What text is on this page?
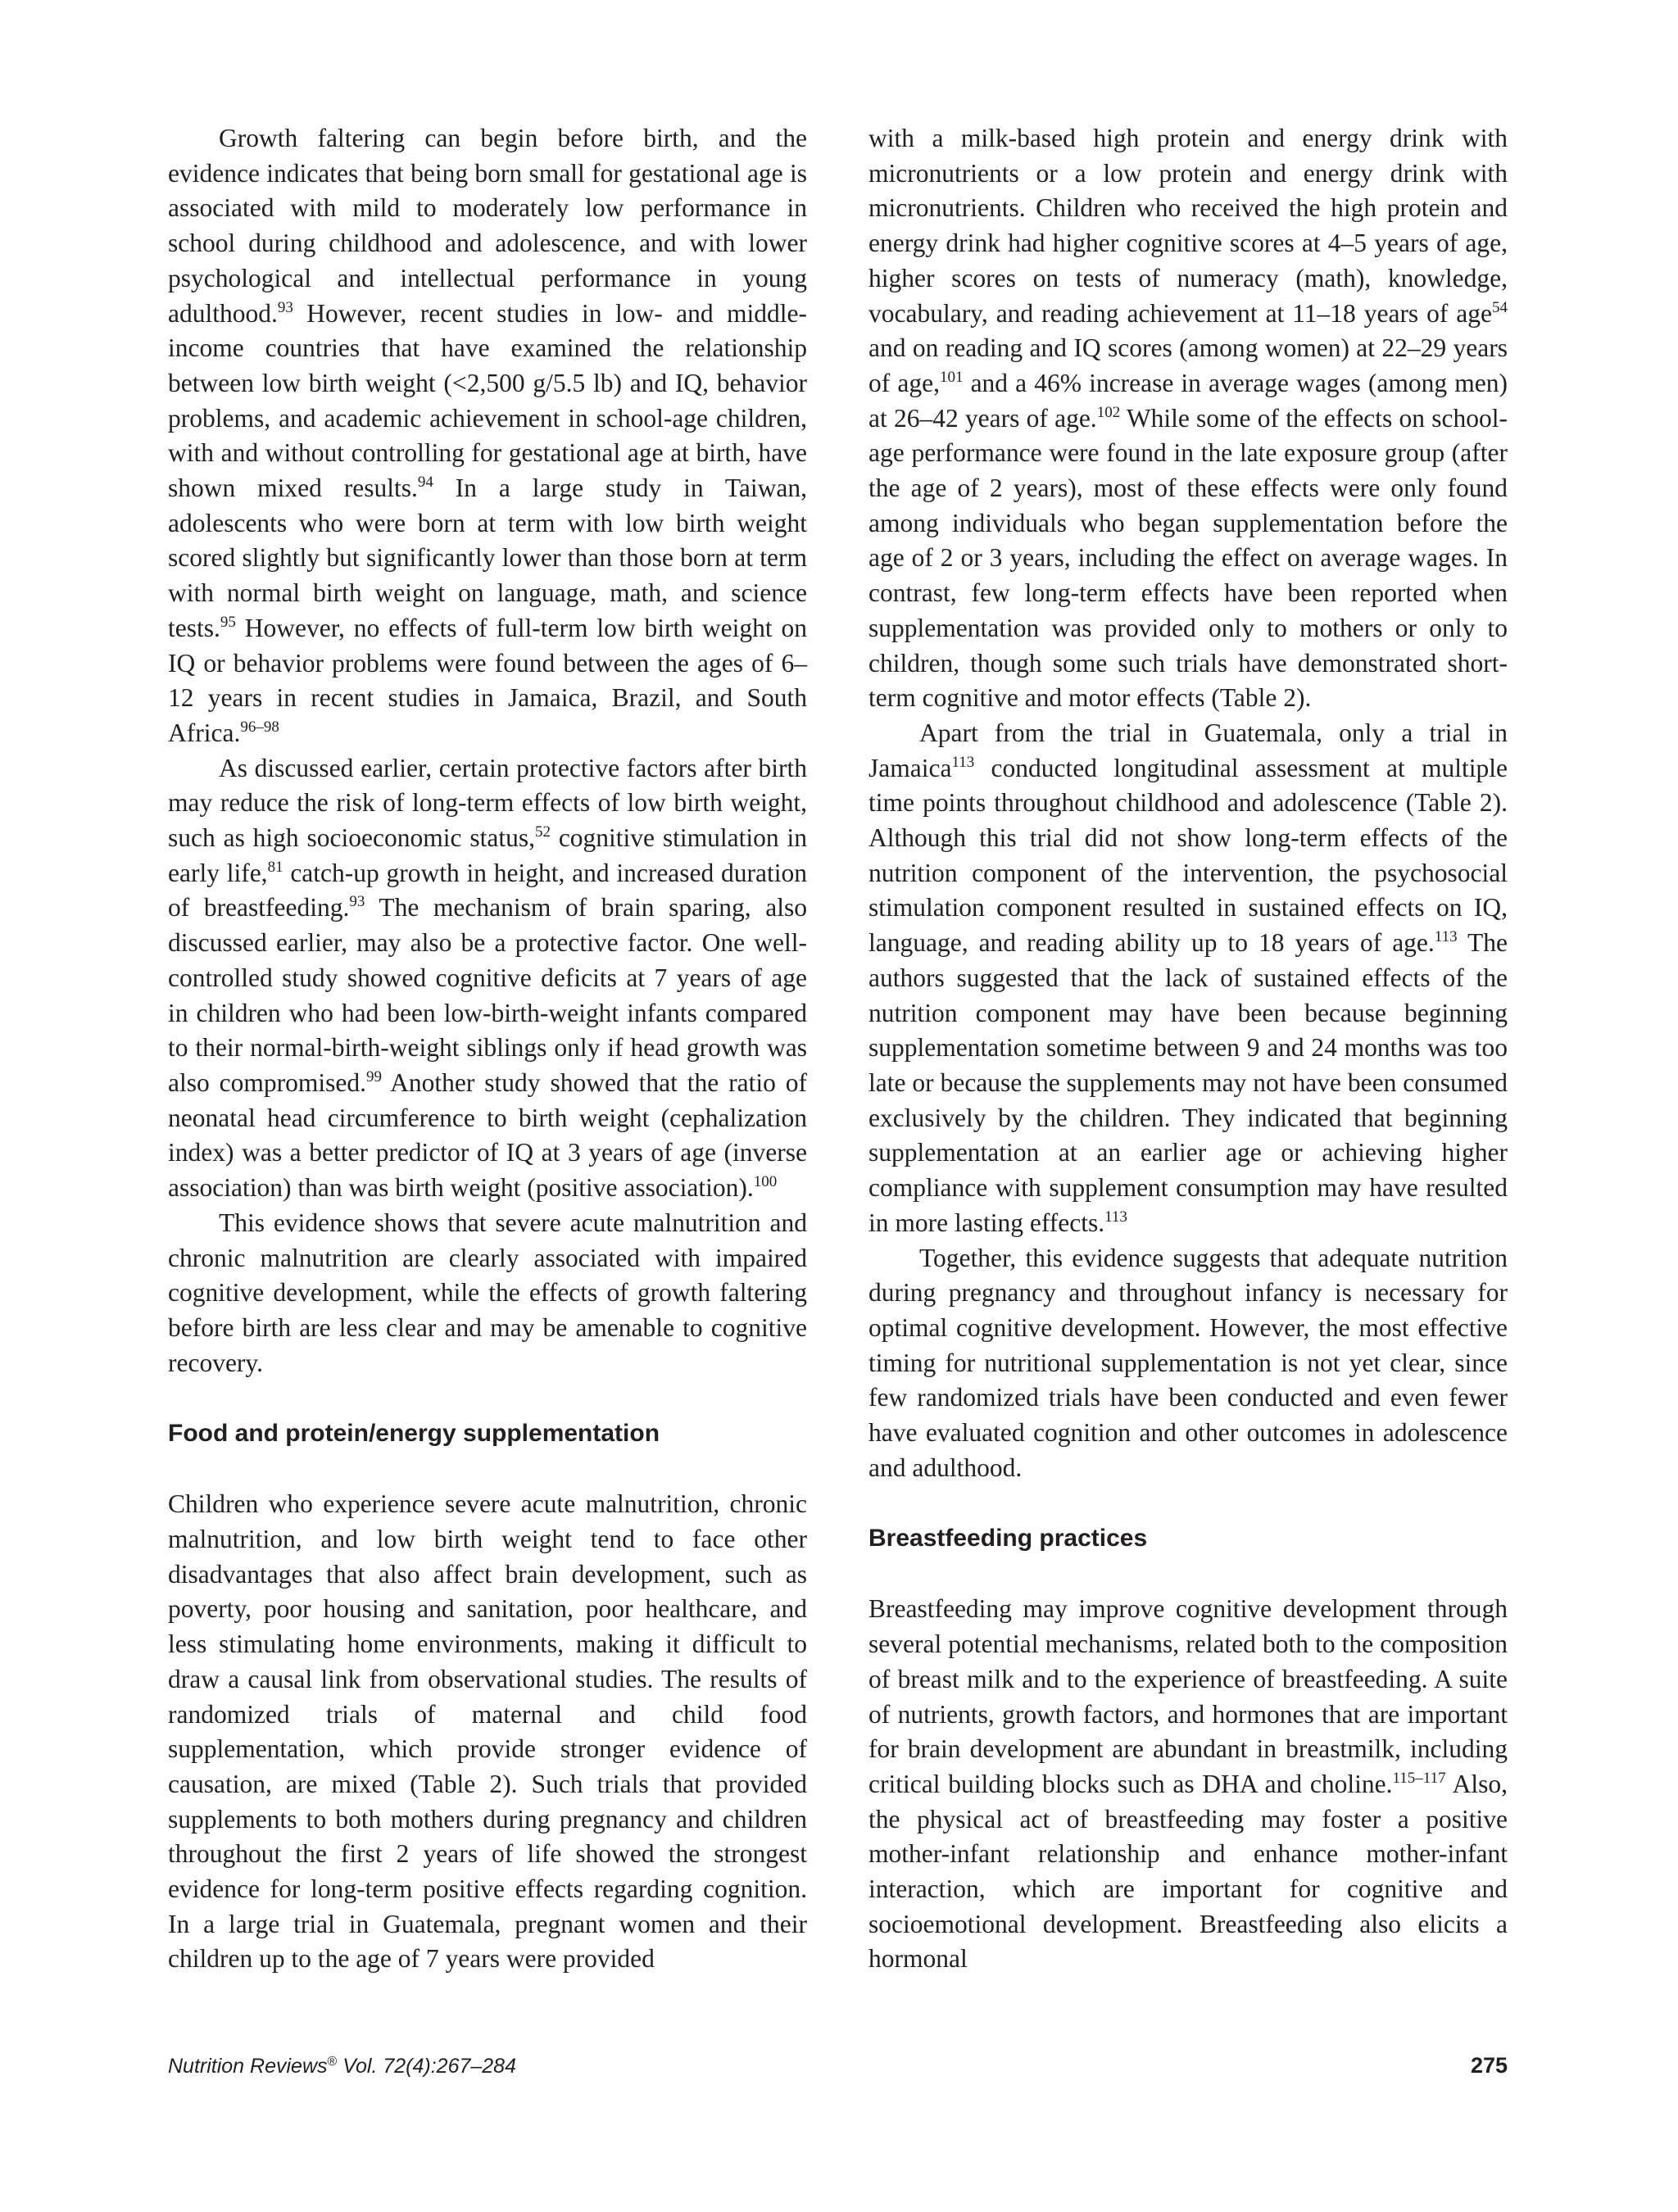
Growth faltering can begin before birth, and the evidence indicates that being born small for gestational age is associated with mild to moderately low performance in school during childhood and adolescence, and with lower psychological and intellectual performance in young adulthood.$^{93}$ However, recent studies in low- and middle-income countries that have examined the relationship between low birth weight (<2,500 g/5.5 lb) and IQ, behavior problems, and academic achievement in school-age children, with and without controlling for gestational age at birth, have shown mixed results.$^{94}$ In a large study in Taiwan, adolescents who were born at term with low birth weight scored slightly but significantly lower than those born at term with normal birth weight on language, math, and science tests.$^{95}$ However, no effects of full-term low birth weight on IQ or behavior problems were found between the ages of 6–12 years in recent studies in Jamaica, Brazil, and South Africa.$^{96-98}$

As discussed earlier, certain protective factors after birth may reduce the risk of long-term effects of low birth weight, such as high socioeconomic status,$^{52}$ cognitive stimulation in early life,$^{81}$ catch-up growth in height, and increased duration of breastfeeding.$^{93}$ The mechanism of brain sparing, also discussed earlier, may also be a protective factor. One well-controlled study showed cognitive deficits at 7 years of age in children who had been low-birth-weight infants compared to their normal-birth-weight siblings only if head growth was also compromised.$^{99}$ Another study showed that the ratio of neonatal head circumference to birth weight (cephalization index) was a better predictor of IQ at 3 years of age (inverse association) than was birth weight (positive association).$^{100}$

This evidence shows that severe acute malnutrition and chronic malnutrition are clearly associated with impaired cognitive development, while the effects of growth faltering before birth are less clear and may be amenable to cognitive recovery.

Food and protein/energy supplementation

Children who experience severe acute malnutrition, chronic malnutrition, and low birth weight tend to face other disadvantages that also affect brain development, such as poverty, poor housing and sanitation, poor healthcare, and less stimulating home environments, making it difficult to draw a causal link from observational studies. The results of randomized trials of maternal and child food supplementation, which provide stronger evidence of causation, are mixed (Table 2). Such trials that provided supplements to both mothers during pregnancy and children throughout the first 2 years of life showed the strongest evidence for long-term positive effects regarding cognition. In a large trial in Guatemala, pregnant women and their children up to the age of 7 years were provided

with a milk-based high protein and energy drink with micronutrients or a low protein and energy drink with micronutrients. Children who received the high protein and energy drink had higher cognitive scores at 4–5 years of age, higher scores on tests of numeracy (math), knowledge, vocabulary, and reading achievement at 11–18 years of age$^{54}$ and on reading and IQ scores (among women) at 22–29 years of age,$^{101}$ and a 46% increase in average wages (among men) at 26–42 years of age.$^{102}$ While some of the effects on school-age performance were found in the late exposure group (after the age of 2 years), most of these effects were only found among individuals who began supplementation before the age of 2 or 3 years, including the effect on average wages. In contrast, few long-term effects have been reported when supplementation was provided only to mothers or only to children, though some such trials have demonstrated short-term cognitive and motor effects (Table 2).

Apart from the trial in Guatemala, only a trial in Jamaica$^{113}$ conducted longitudinal assessment at multiple time points throughout childhood and adolescence (Table 2). Although this trial did not show long-term effects of the nutrition component of the intervention, the psychosocial stimulation component resulted in sustained effects on IQ, language, and reading ability up to 18 years of age.$^{113}$ The authors suggested that the lack of sustained effects of the nutrition component may have been because beginning supplementation sometime between 9 and 24 months was too late or because the supplements may not have been consumed exclusively by the children. They indicated that beginning supplementation at an earlier age or achieving higher compliance with supplement consumption may have resulted in more lasting effects.$^{113}$

Together, this evidence suggests that adequate nutrition during pregnancy and throughout infancy is necessary for optimal cognitive development. However, the most effective timing for nutritional supplementation is not yet clear, since few randomized trials have been conducted and even fewer have evaluated cognition and other outcomes in adolescence and adulthood.

Breastfeeding practices

Breastfeeding may improve cognitive development through several potential mechanisms, related both to the composition of breast milk and to the experience of breastfeeding. A suite of nutrients, growth factors, and hormones that are important for brain development are abundant in breastmilk, including critical building blocks such as DHA and choline.$^{115-117}$ Also, the physical act of breastfeeding may foster a positive mother-infant relationship and enhance mother-infant interaction, which are important for cognitive and socioemotional development. Breastfeeding also elicits a hormonal

Nutrition Reviews® Vol. 72(4):267–284	275
